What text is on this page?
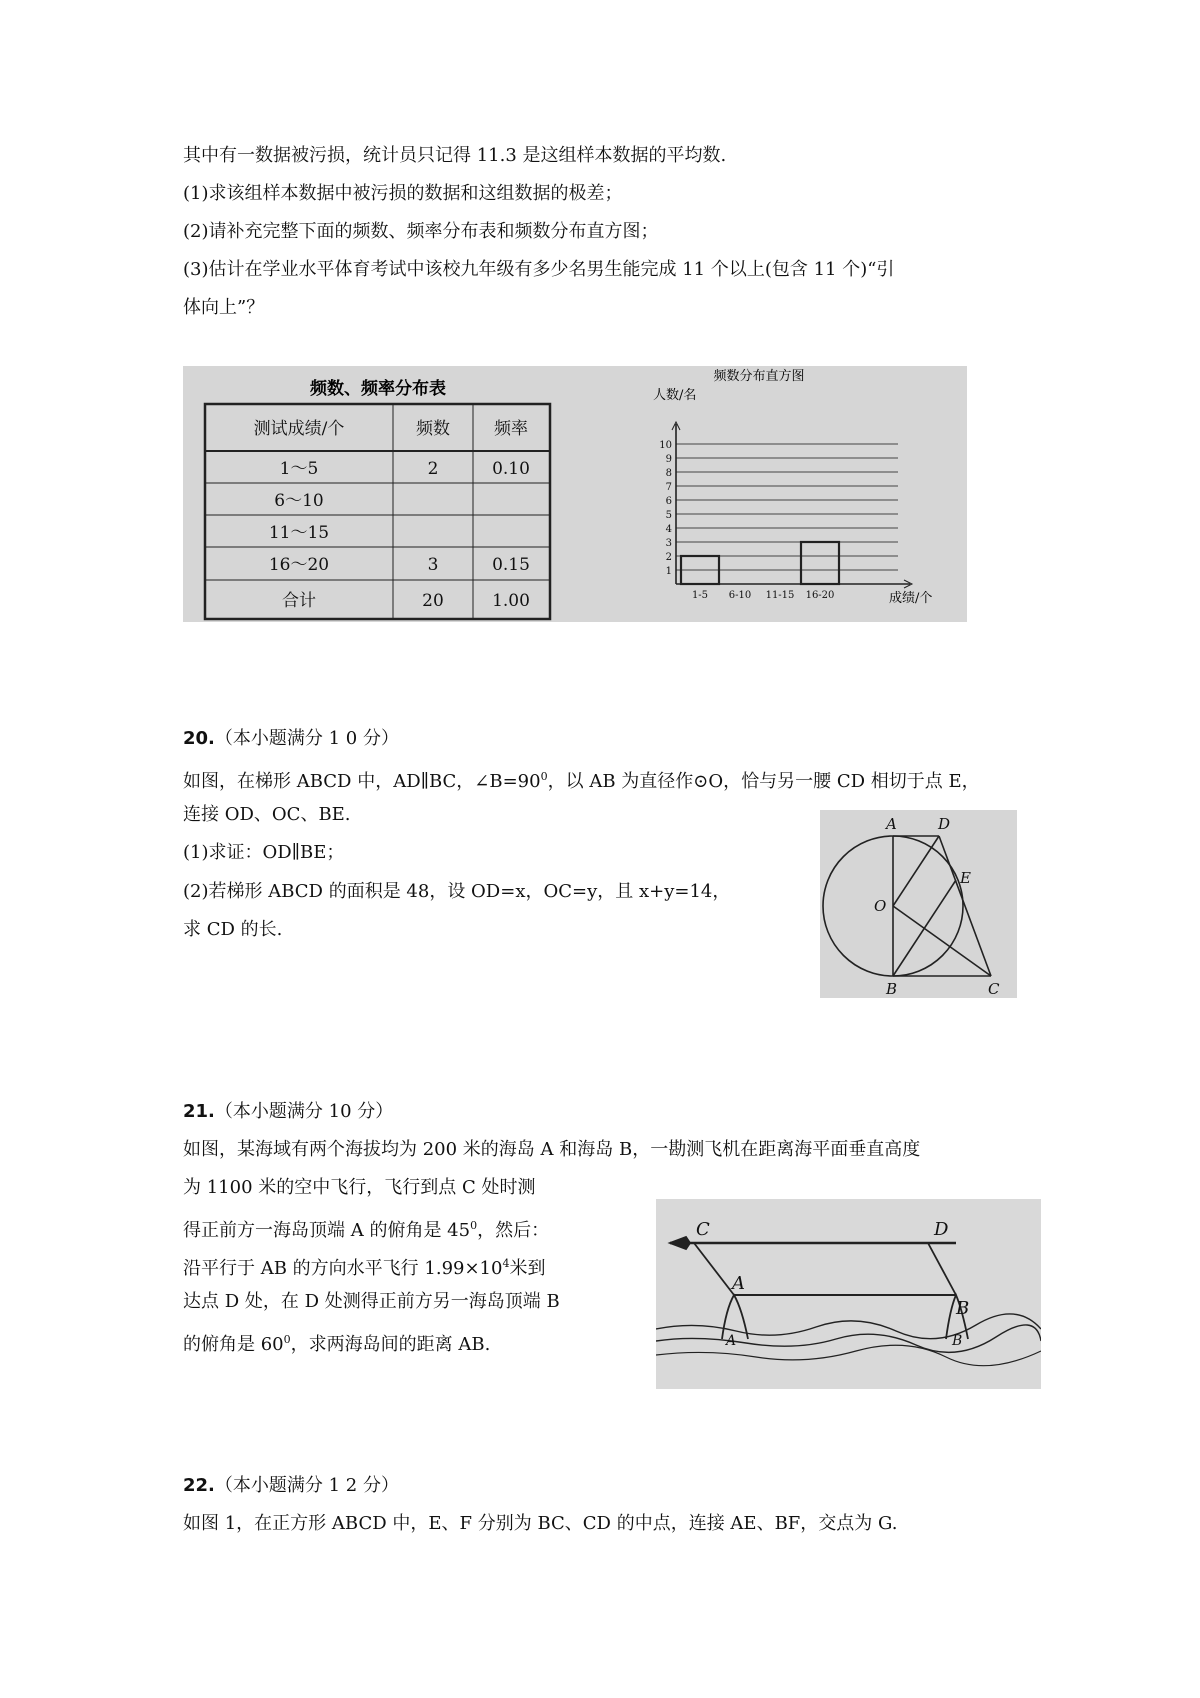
其中有一数据被污损，统计员只记得 11.3 是这组样本数据的平均数.
(1)求该组样本数据中被污损的数据和这组数据的极差；
(2)请补充完整下面的频数、频率分布表和频数分布直方图；
(3)估计在学业水平体育考试中该校九年级有多少名男生能完成 11 个以上(包含 11 个)“引
体向上”？
频数、频率分布表
测试成绩/个	频数	频率
1～5	2	0.10
6～10
11～15
16～20	3	0.15
合计	20	1.00
频数分布直方图
人数/名
成绩/个
1
2
3
4
5
6
7
8
9
10
1-5 6-10 11-15 16-20
20.（本小题满分 1 0 分）
如图，在梯形 ABCD 中，AD∥BC，$\angle B=90^0$，以 AB 为直径作⊙O，恰与另一腰 CD 相切于点 E，
连接 OD、OC、BE.
(1)求证：OD∥BE；
(2)若梯形 ABCD 的面积是 48，设 OD=x，OC=y，且 x+y=14，
求 CD 的长.
A	D
E
O
B	C
21.（本小题满分 10 分）
如图，某海域有两个海拔均为 200 米的海岛 A 和海岛 B，一勘测飞机在距离海平面垂直高度
为 1100 米的空中飞行，飞行到点 C 处时测
得正前方一海岛顶端 A 的俯角是 $45^0$，然后：
沿平行于 AB 的方向水平飞行 $1.99\times 10^4$米到
达点 D 处，在 D 处测得正前方另一海岛顶端 B
的俯角是 $60^0$，求两海岛间的距离 AB.
C	D
A
B
A	B
22.（本小题满分 1 2 分）
如图 1，在正方形 ABCD 中，E、F 分别为 BC、CD 的中点，连接 AE、BF，交点为 G.
